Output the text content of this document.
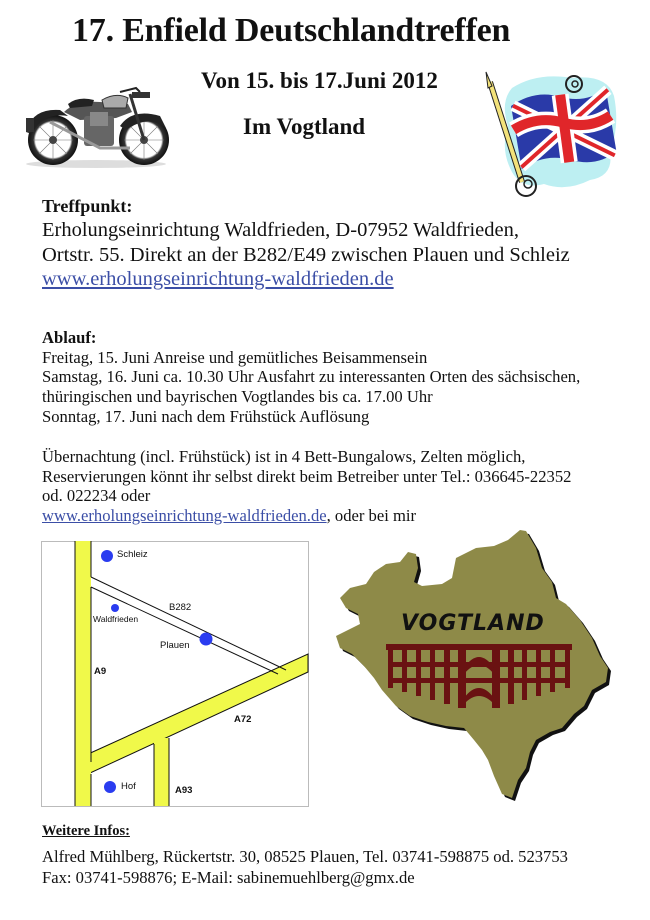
17. Enfield Deutschlandtreffen
Von 15. bis 17.Juni 2012
Im Vogtland
Treffpunkt:
Erholungseinrichtung Waldfrieden, D-07952 Waldfrieden,
Ortstr. 55. Direkt an der B282/E49 zwischen Plauen und Schleiz
www.erholungseinrichtung-waldfrieden.de
Ablauf:
Freitag, 15. Juni Anreise und gemütliches Beisammensein
Samstag, 16. Juni ca. 10.30 Uhr Ausfahrt zu interessanten Orten des sächsischen,
thüringischen und bayrischen Vogtlandes bis ca. 17.00 Uhr
Sonntag, 17. Juni nach dem Frühstück Auflösung
Übernachtung (incl. Frühstück) ist in 4 Bett-Bungalows, Zelten möglich,
Reservierungen könnt ihr selbst direkt beim Betreiber unter Tel.: 036645-22352
od. 022234 oder
www.erholungseinrichtung-waldfrieden.de, oder bei mir
Schleiz
Waldfrieden
Plauen
Hof
B282
A9
A72
A93
VOGTLAND
Weitere Infos:
Alfred Mühlberg, Rückertstr. 30, 08525 Plauen, Tel. 03741-598875 od. 523753
Fax: 03741-598876; E-Mail: sabinemuehlberg@gmx.de
